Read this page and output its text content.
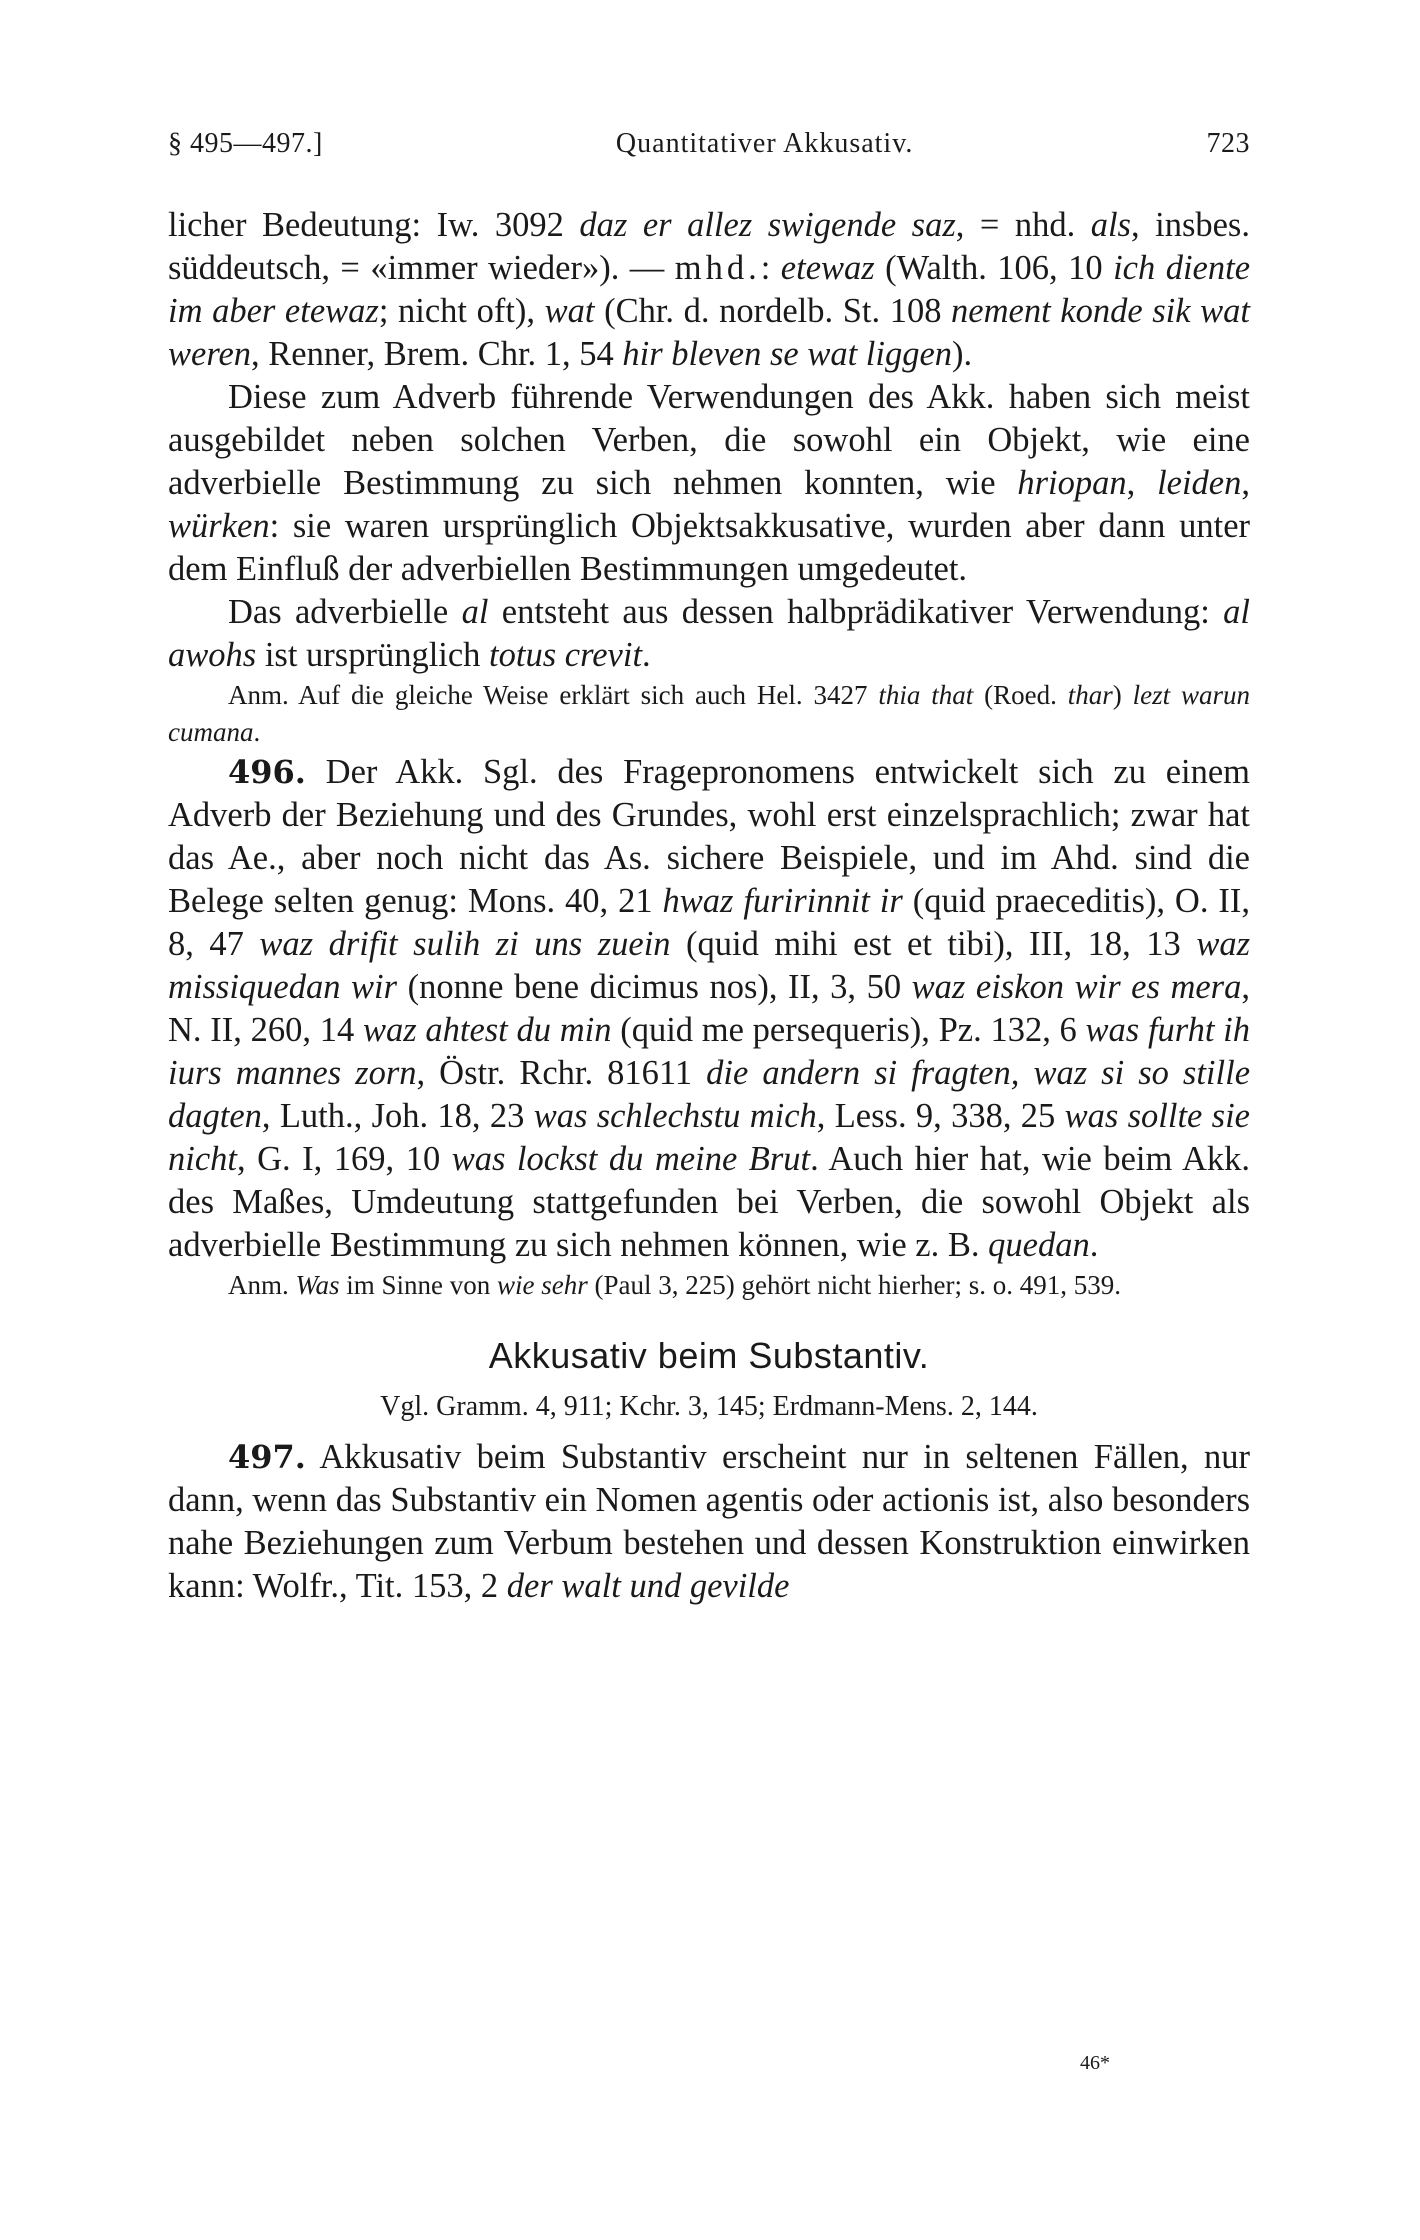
§ 495—497.]	Quantitativer Akkusativ.	723

licher Bedeutung: Iw. 3092 daz er allez swigende saz, = nhd. als, insbes. süddeutsch, = «immer wieder»). — mhd.: etewaz (Walth. 106, 10 ich diente im aber etewaz; nicht oft), wat (Chr. d. nordelb. St. 108 nement konde sik wat weren, Renner, Brem. Chr. 1, 54 hir bleven se wat liggen).

Diese zum Adverb führende Verwendungen des Akk. haben sich meist ausgebildet neben solchen Verben, die sowohl ein Objekt, wie eine adverbielle Bestimmung zu sich nehmen konnten, wie hriopan, leiden, würken: sie waren ursprünglich Objektsakkusative, wurden aber dann unter dem Einfluß der adverbiellen Bestimmungen umgedeutet.

Das adverbielle al entsteht aus dessen halbprädikativer Verwendung: al awohs ist ursprünglich totus crevit.

Anm. Auf die gleiche Weise erklärt sich auch Hel. 3427 thia that (Roed. thar) lezt warun cumana.

496. Der Akk. Sgl. des Fragepronomens entwickelt sich zu einem Adverb der Beziehung und des Grundes, wohl erst einzelsprachlich; zwar hat das Ae., aber noch nicht das As. sichere Beispiele, und im Ahd. sind die Belege selten genug: Mons. 40, 21 hwaz furirinnit ir (quid praeceditis), O. II, 8, 47 waz drifit sulih zi uns zuein (quid mihi est et tibi), III, 18, 13 waz missiquedan wir (nonne bene dicimus nos), II, 3, 50 waz eiskon wir es mera, N. II, 260, 14 waz ahtest du min (quid me persequeris), Pz. 132, 6 was furht ih iurs mannes zorn, Östr. Rchr. 81611 die andern si fragten, waz si so stille dagten, Luth., Joh. 18, 23 was schlechstu mich, Less. 9, 338, 25 was sollte sie nicht, G. I, 169, 10 was lockst du meine Brut. Auch hier hat, wie beim Akk. des Maßes, Umdeutung stattgefunden bei Verben, die sowohl Objekt als adverbielle Bestimmung zu sich nehmen können, wie z. B. quedan.

Anm. Was im Sinne von wie sehr (Paul 3, 225) gehört nicht hierher; s. o. 491, 539.

Akkusativ beim Substantiv.
Vgl. Gramm. 4, 911; Kchr. 3, 145; Erdmann-Mens. 2, 144.

497. Akkusativ beim Substantiv erscheint nur in seltenen Fällen, nur dann, wenn das Substantiv ein Nomen agentis oder actionis ist, also besonders nahe Beziehungen zum Verbum bestehen und dessen Konstruktion einwirken kann: Wolfr., Tit. 153, 2 der walt und gevilde

46*
